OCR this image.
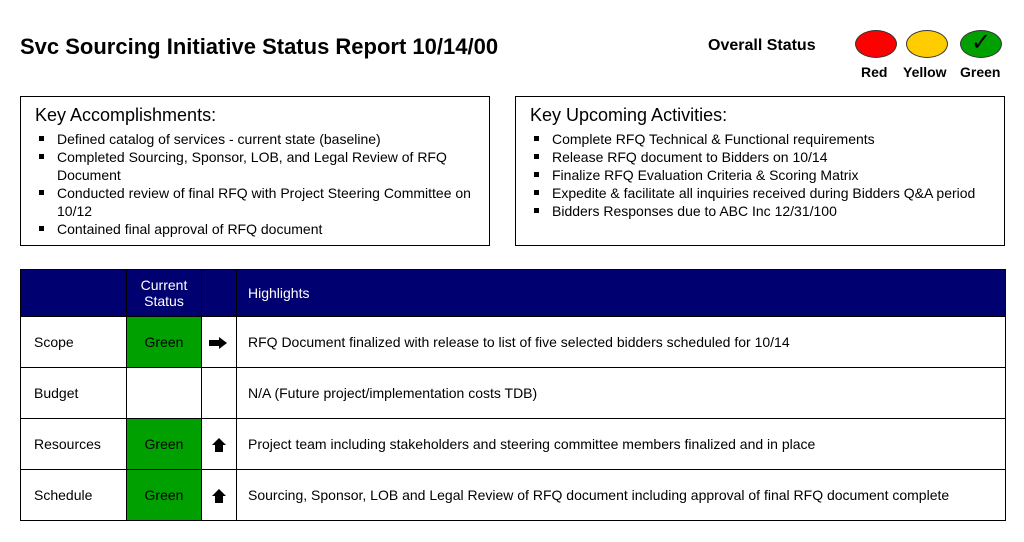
Svc Sourcing Initiative Status Report 10/14/00	Overall Status	✓
Red Yellow Green
Key Accomplishments:
Defined catalog of services - current state (baseline)
Completed Sourcing, Sponsor, LOB, and Legal Review of RFQ Document
Conducted review of final RFQ with Project Steering Committee on 10/12
Contained final approval of RFQ document
Key Upcoming Activities:
Complete RFQ Technical & Functional requirements
Release RFQ document to Bidders on 10/14
Finalize RFQ Evaluation Criteria & Scoring Matrix
Expedite & facilitate all inquiries received during Bidders Q&A period
Bidders Responses due to ABC Inc 12/31/100
	Current Status		Highlights
Scope	Green		RFQ Document finalized with release to list of five selected bidders scheduled for 10/14
Budget			N/A (Future project/implementation costs TDB)
Resources	Green		Project team including stakeholders and steering committee members finalized and in place
Schedule	Green		Sourcing, Sponsor, LOB and Legal Review of RFQ document including approval of final RFQ document complete
